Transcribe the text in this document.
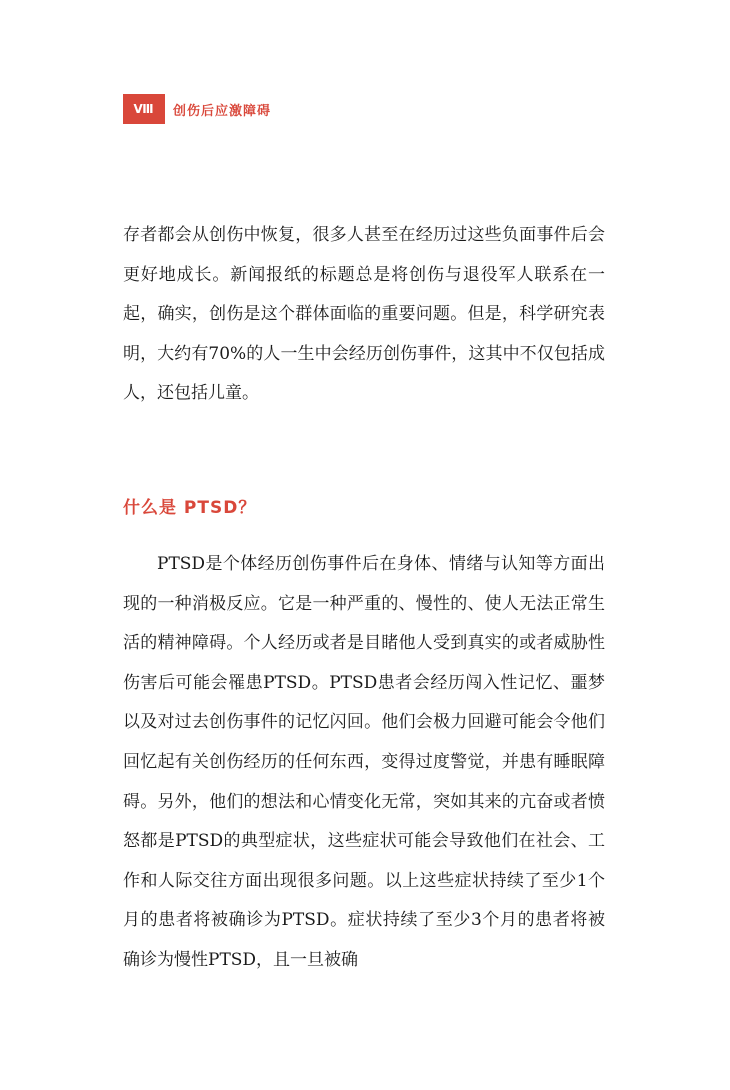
Ⅷ	创伤后应激障碍

存者都会从创伤中恢复，很多人甚至在经历过这些负面事件后会更好地成长。新闻报纸的标题总是将创伤与退役军人联系在一起，确实，创伤是这个群体面临的重要问题。但是，科学研究表明，大约有70%的人一生中会经历创伤事件，这其中不仅包括成人，还包括儿童。

什么是 PTSD？

PTSD是个体经历创伤事件后在身体、情绪与认知等方面出现的一种消极反应。它是一种严重的、慢性的、使人无法正常生活的精神障碍。个人经历或者是目睹他人受到真实的或者威胁性伤害后可能会罹患PTSD。PTSD患者会经历闯入性记忆、噩梦以及对过去创伤事件的记忆闪回。他们会极力回避可能会令他们回忆起有关创伤经历的任何东西，变得过度警觉，并患有睡眠障碍。另外，他们的想法和心情变化无常，突如其来的亢奋或者愤怒都是PTSD的典型症状，这些症状可能会导致他们在社会、工作和人际交往方面出现很多问题。以上这些症状持续了至少1个月的患者将被确诊为PTSD。症状持续了至少3个月的患者将被确诊为慢性PTSD，且一旦被确
